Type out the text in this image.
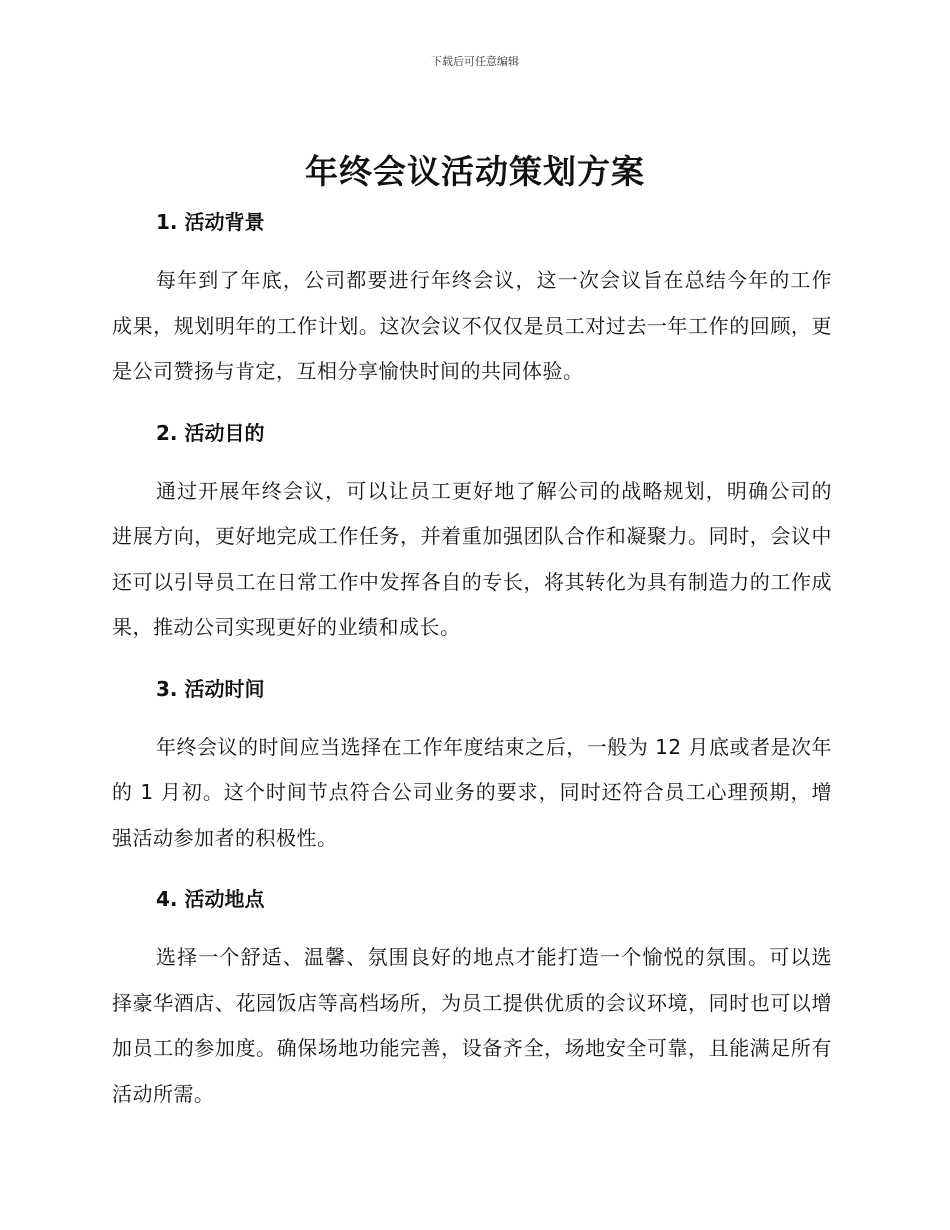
下载后可任意编辑
年终会议活动策划方案
1. 活动背景

每年到了年底，公司都要进行年终会议，这一次会议旨在总结今年的工作成果，规划明年的工作计划。这次会议不仅仅是员工对过去一年工作的回顾，更是公司赞扬与肯定，互相分享愉快时间的共同体验。

2. 活动目的

通过开展年终会议，可以让员工更好地了解公司的战略规划，明确公司的进展方向，更好地完成工作任务，并着重加强团队合作和凝聚力。同时，会议中还可以引导员工在日常工作中发挥各自的专长，将其转化为具有制造力的工作成果，推动公司实现更好的业绩和成长。

3. 活动时间

年终会议的时间应当选择在工作年度结束之后，一般为 12 月底或者是次年的 1 月初。这个时间节点符合公司业务的要求，同时还符合员工心理预期，增强活动参加者的积极性。

4. 活动地点

选择一个舒适、温馨、氛围良好的地点才能打造一个愉悦的氛围。可以选择豪华酒店、花园饭店等高档场所，为员工提供优质的会议环境，同时也可以增加员工的参加度。确保场地功能完善，设备齐全，场地安全可靠，且能满足所有活动所需。
